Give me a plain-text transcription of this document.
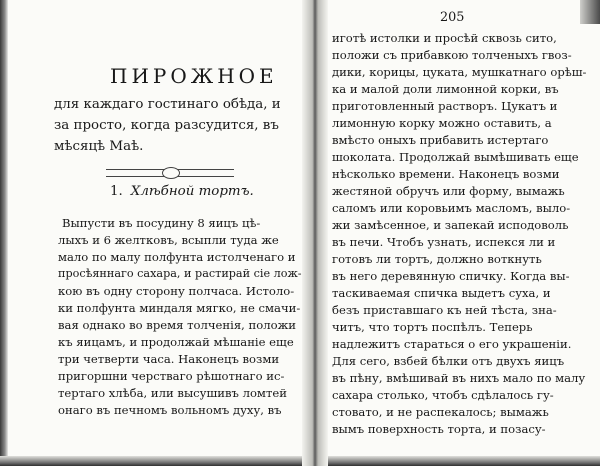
ПИРОЖНОЕ
для каждаго гостинаго обѣда, и
за просто, когда разсудится, въ
мѣсяцѣ Маѣ.
1. Хлѣбной тортъ.
Выпусти въ посудину 8 яицъ цѣ-
лыхъ и 6 желтковъ, всыпли туда же
мало по малу полфунта истолченаго и
просѣяннаго сахара, и растирай сіе лож-
кою въ одну сторону полчаса. Истоло-
ки полфунта миндаля мягко, не смачи-
вая однако во время толченія, положи
къ яицамъ, и продолжай мѣшаніе еще
три четверти часа. Наконецъ возми
пригоршни черстваго рѣшотнаго ис-
тертаго хлѣба, или высушивъ ломтей
онаго въ печномъ вольномъ духу, въ
205
иготѣ истолки и просѣй сквозь сито,
положи съ прибавкою толченыхъ гвоз-
дики, корицы, цуката, мушкатнаго орѣш-
ка и малой доли лимонной корки, въ
приготовленный растворъ. Цукатъ и
лимонную корку можно оставить, а
вмѣсто оныхъ прибавить истертаго
шоколата. Продолжай вымѣшивать еще
нѣсколько времени. Наконецъ возми
жестяной обручъ или форму, вымажь
саломъ или коровьимъ масломъ, выло-
жи замѣсенное, и запекай исподоволь
въ печи. Чтобъ узнать, испекся ли и
готовъ ли тортъ, должно воткнуть
въ него деревянную спичку. Когда вы-
таскиваемая спичка выдетъ суха, и
безъ приставшаго къ ней тѣста, зна-
читъ, что тортъ поспѣлъ. Теперь
надлежитъ стараться о его украшеніи.
Для сего, взбей бѣлки отъ двухъ яицъ
въ пѣну, вмѣшивай въ нихъ мало по малу
сахара столько, чтобъ сдѣлалось гу-
стовато, и не распекалось; вымажь
вымъ поверхность торта, и позасу-
